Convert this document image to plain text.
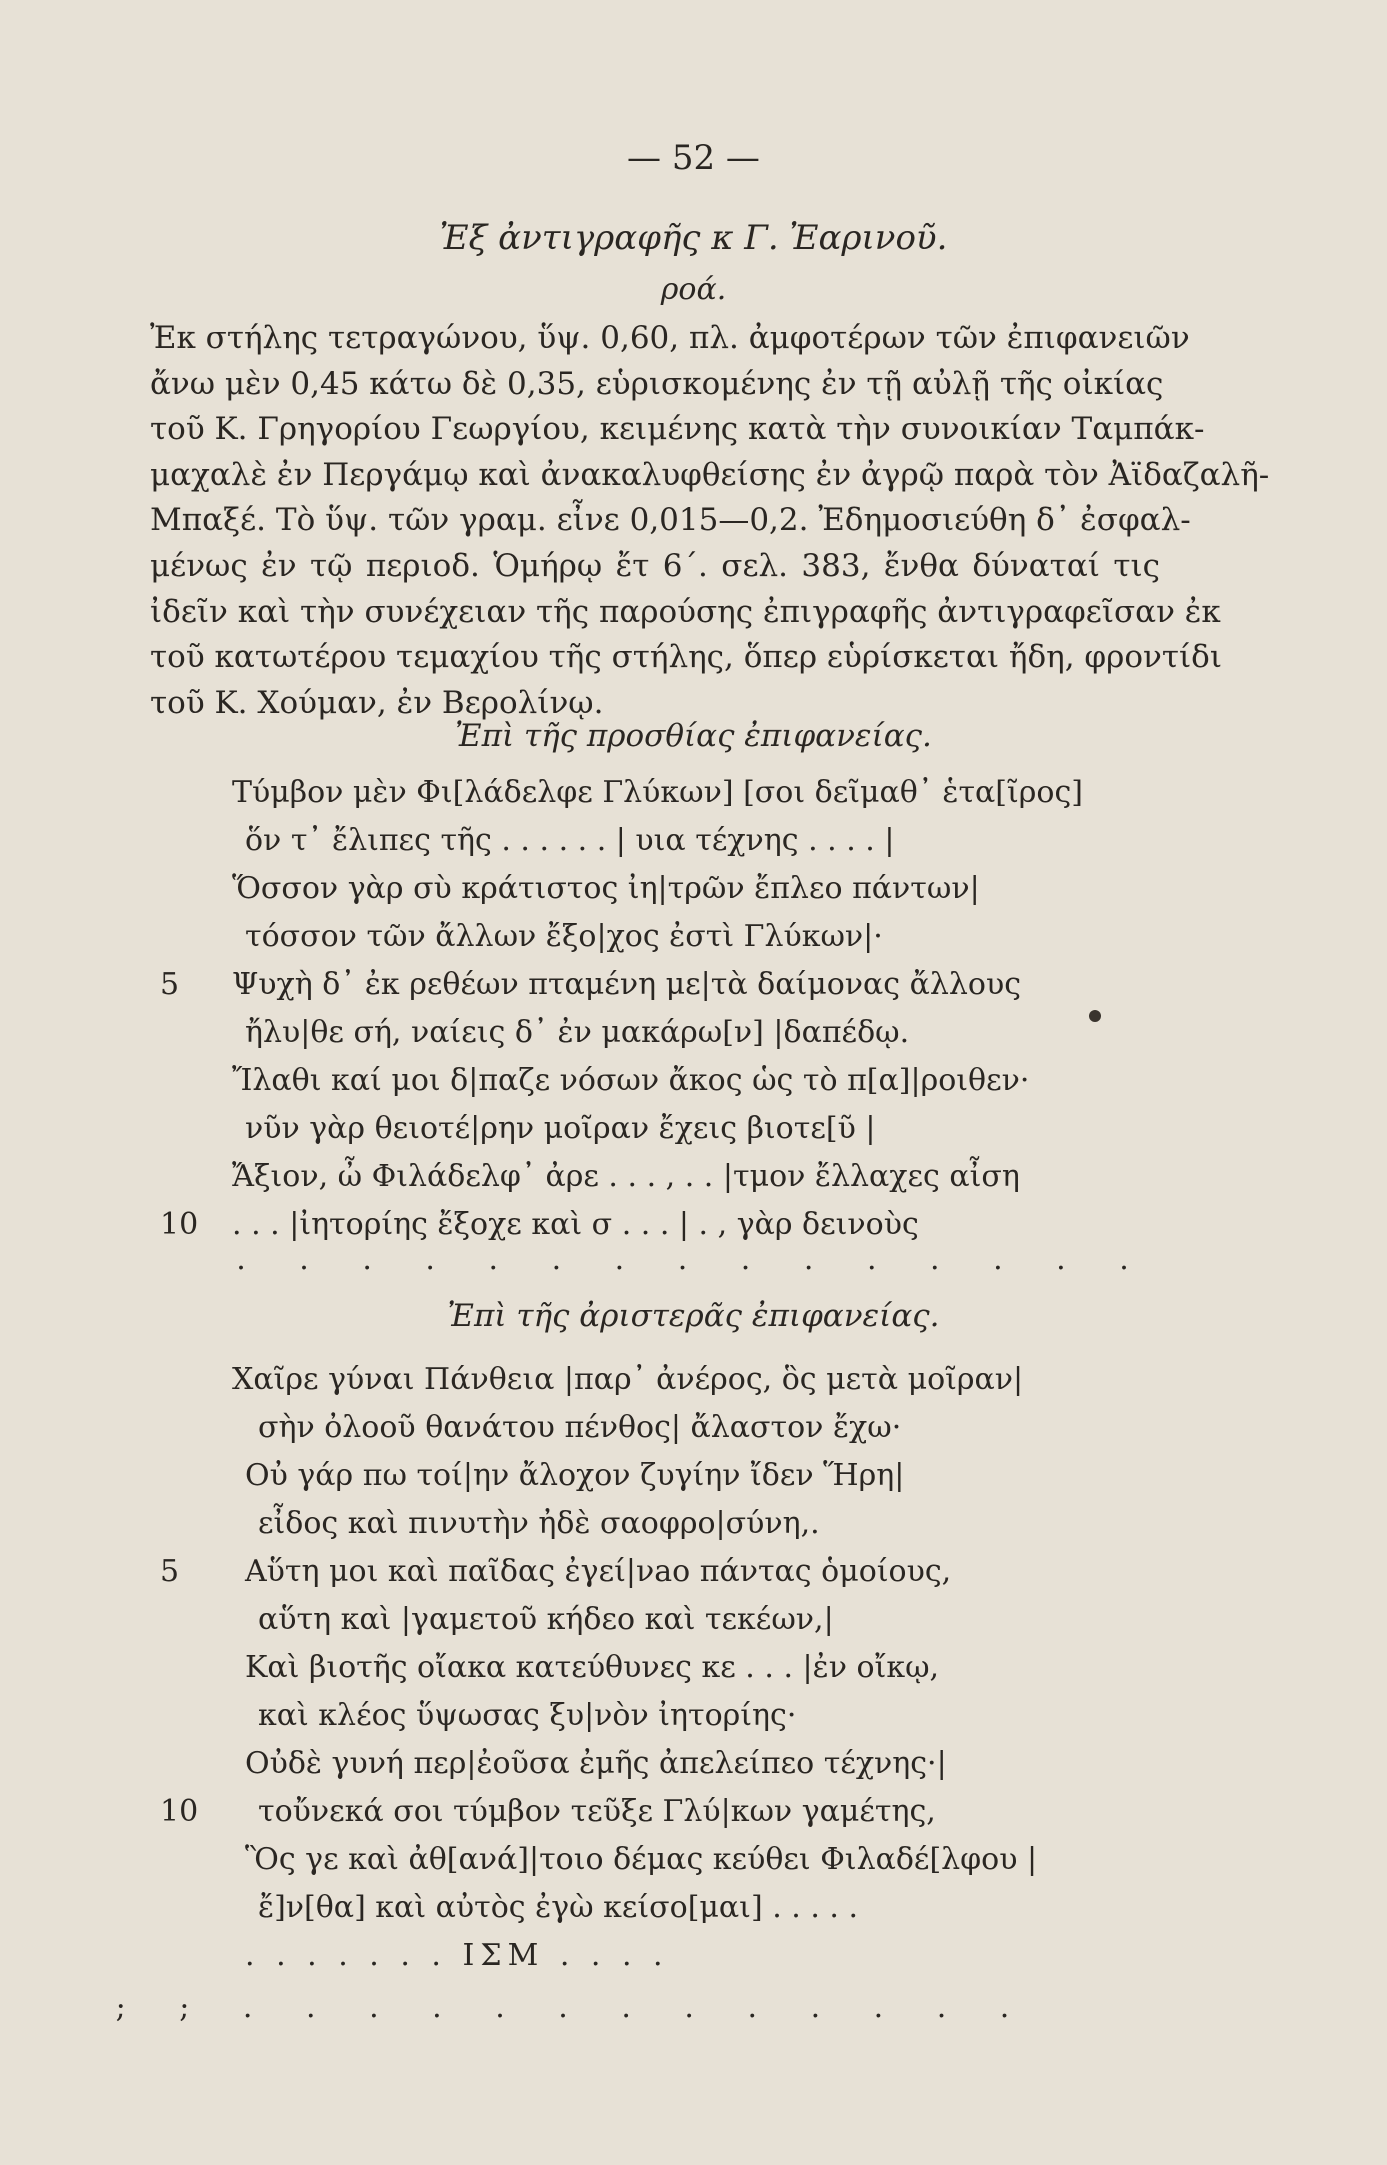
— 52 —
Ἐξ ἀντιγραφῆς κ Γ. Ἐαρινοῦ.
ροά.
Ἐκ στήλης τετραγώνου, ὕψ. 0,60, πλ. ἀμφοτέρων τῶν ἐπιφανειῶν
ἄνω μὲν 0,45 κάτω δὲ 0,35, εὑρισκομένης ἐν τῇ αὐλῇ τῆς οἰκίας
τοῦ Κ. Γρηγορίου Γεωργίου, κειμένης κατὰ τὴν συνοικίαν Ταμπάκ-
μαχαλὲ ἐν Περγάμῳ καὶ ἀνακαλυφθείσης ἐν ἀγρῷ παρὰ τὸν Ἀϊδαζαλῆ-
Μπαξέ. Τὸ ὕψ. τῶν γραμ. εἶνε 0,015—0,2. Ἐδημοσιεύθη δ᾽ ἐσφαλ-
μένως ἐν τῷ περιοδ. Ὁμήρῳ ἔτ 6΄. σελ. 383, ἔνθα δύναταί τις
ἰδεῖν καὶ τὴν συνέχειαν τῆς παρούσης ἐπιγραφῆς ἀντιγραφεῖσαν ἐκ
τοῦ κατωτέρου τεμαχίου τῆς στήλης, ὅπερ εὑρίσκεται ἤδη, φροντίδι
τοῦ Κ. Χούμαν, ἐν Βερολίνῳ.
Ἐπὶ τῆς προσθίας ἐπιφανείας.
Τύμβον μὲν Φι[λάδελφε Γλύκων] [σοι δεῖμαθ᾽ ἑτα[ῖρος]
ὅν τ᾽ ἔλιπες τῆς . . . . . . | υια τέχνης . . . . |
Ὅσσον γὰρ σὺ κράτιστος ἰη|τρῶν ἔπλεο πάντων|
τόσσον τῶν ἄλλων ἔξο|χος ἐστὶ Γλύκων|·
5	Ψυχὴ δ᾽ ἐκ ρεθέων πταμένη με|τὰ δαίμονας ἄλλους
ἤλυ|θε σή, ναίεις δ᾽ ἐν μακάρω[ν] |δαπέδῳ.
Ἴλαθι καί μοι δ|παζε νόσων ἄκος ὡς τὸ π[α]|ροιθεν·
νῦν γὰρ θειοτέ|ρην μοῖραν ἔχεις βιοτε[ῦ |
Ἄξιον, ὦ Φιλάδελφ᾽ ἀρε . . . , . . |τμον ἔλλαχες αἶση
10	. . . |ἰητορίης ἔξοχε καὶ σ . . . | . , γὰρ δεινοὺς
. . . . . . . . . . . . . . .
Ἐπὶ τῆς ἀριστερᾶς ἐπιφανείας.
Χαῖρε γύναι Πάνθεια |παρ᾽ ἀνέρος, ὃς μετὰ μοῖραν|
σὴν ὀλοοῦ θανάτου πένθος| ἄλαστον ἔχω·
Οὐ γάρ πω τοί|ην ἄλοχον ζυγίην ἴδεν Ἥρη|
εἶδος καὶ πινυτὴν ἠδὲ σαοφρο|σύνη,.
5	Αὕτη μοι καὶ παῖδας ἐγεί|νao πάντας ὁμοίους,
αὕτη καὶ |γαμετοῦ κήδεο καὶ τεκέων,|
Καὶ βιοτῆς οἴακα κατεύθυνες κε . . . |ἐν οἴκῳ,
καὶ κλέος ὕψωσας ξυ|νὸν ἰητορίης·
Οὐδὲ γυνή περ|ἐοῦσα ἐμῆς ἀπελείπεο τέχνης·|
10	τοὔνεκά σοι τύμβον τεῦξε Γλύ|κων γαμέτης,
Ὃς γε καὶ ἀθ[ανά]|τοιο δέμας κεύθει Φιλαδέ[λφου |
ἔ]ν[θα] καὶ αὐτὸς ἐγὼ κείσο[μαι] . . . . .
. . . . . . . ΙΣΜ . . . .
; ; . . . . . . . . . . . . .
